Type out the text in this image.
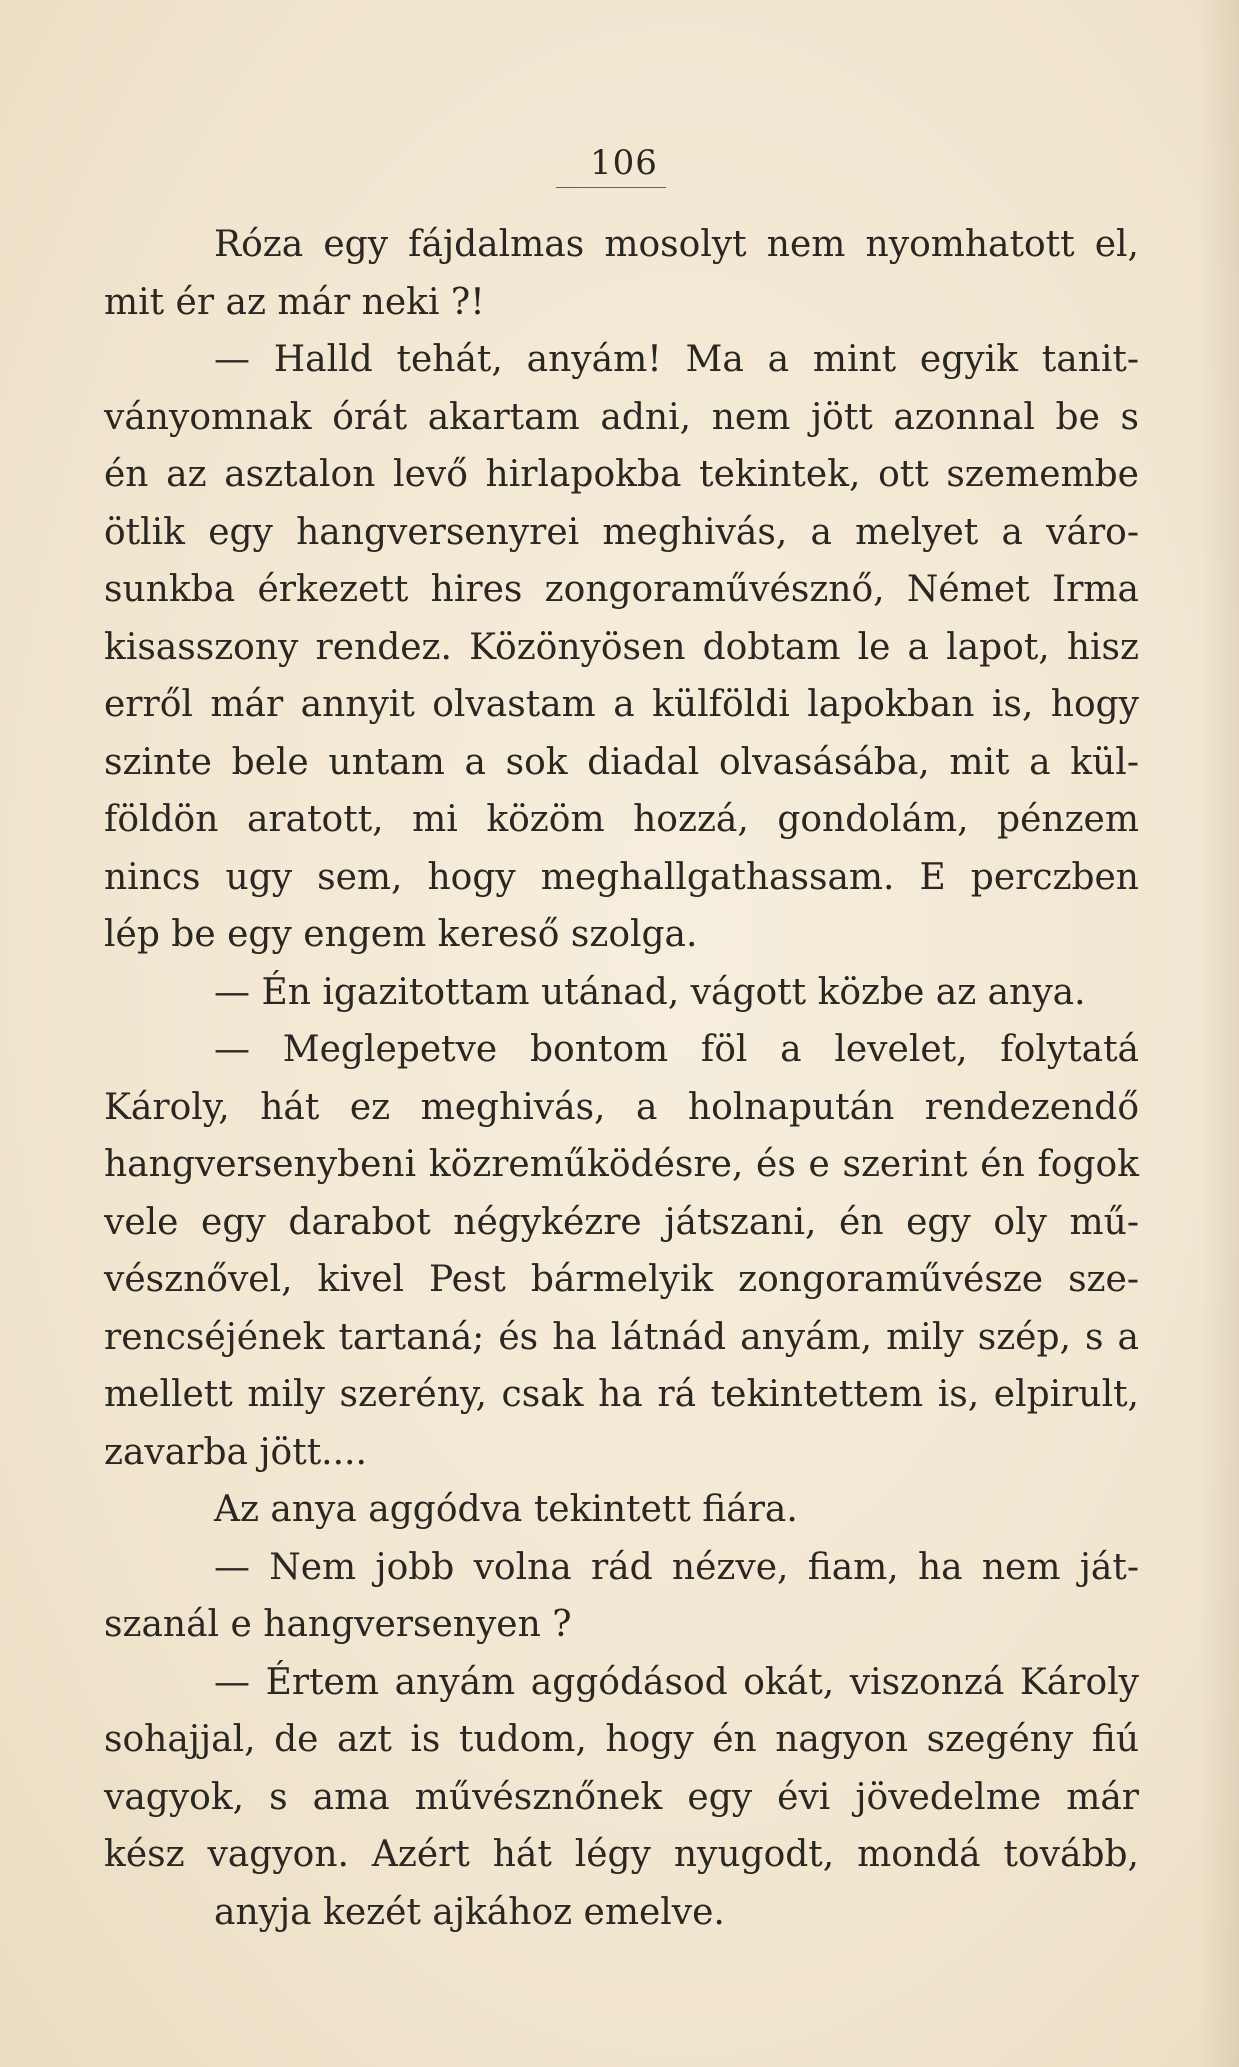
106
Róza egy fájdalmas mosolyt nem nyomhatott el,
mit ér az már neki ?!
— Halld tehát, anyám! Ma a mint egyik tanit-
ványomnak órát akartam adni, nem jött azonnal be s
én az asztalon levő hirlapokba tekintek, ott szemembe
ötlik egy hangversenyrei meghivás, a melyet a váro-
sunkba érkezett hires zongoraművésznő, Német Irma
kisasszony rendez. Közönyösen dobtam le a lapot, hisz
erről már annyit olvastam a külföldi lapokban is, hogy
szinte bele untam a sok diadal olvasásába, mit a kül-
földön aratott, mi közöm hozzá, gondolám, pénzem
nincs ugy sem, hogy meghallgathassam. E perczben
lép be egy engem kereső szolga.
— Én igazitottam utánad, vágott közbe az anya.
— Meglepetve bontom föl a levelet, folytatá
Károly, hát ez meghivás, a holnapután rendezendő
hangversenybeni közreműködésre, és e szerint én fogok
vele egy darabot négykézre játszani, én egy oly mű-
vésznővel, kivel Pest bármelyik zongoraművésze sze-
rencséjének tartaná; és ha látnád anyám, mily szép, s a
mellett mily szerény, csak ha rá tekintettem is, elpirult,
zavarba jött....
Az anya aggódva tekintett fiára.
— Nem jobb volna rád nézve, fiam, ha nem ját-
szanál e hangversenyen ?
— Értem anyám aggódásod okát, viszonzá Károly
sohajjal, de azt is tudom, hogy én nagyon szegény fiú
vagyok, s ama művésznőnek egy évi jövedelme már
kész vagyon. Azért hát légy nyugodt, mondá tovább,
anyja kezét ajkához emelve.
